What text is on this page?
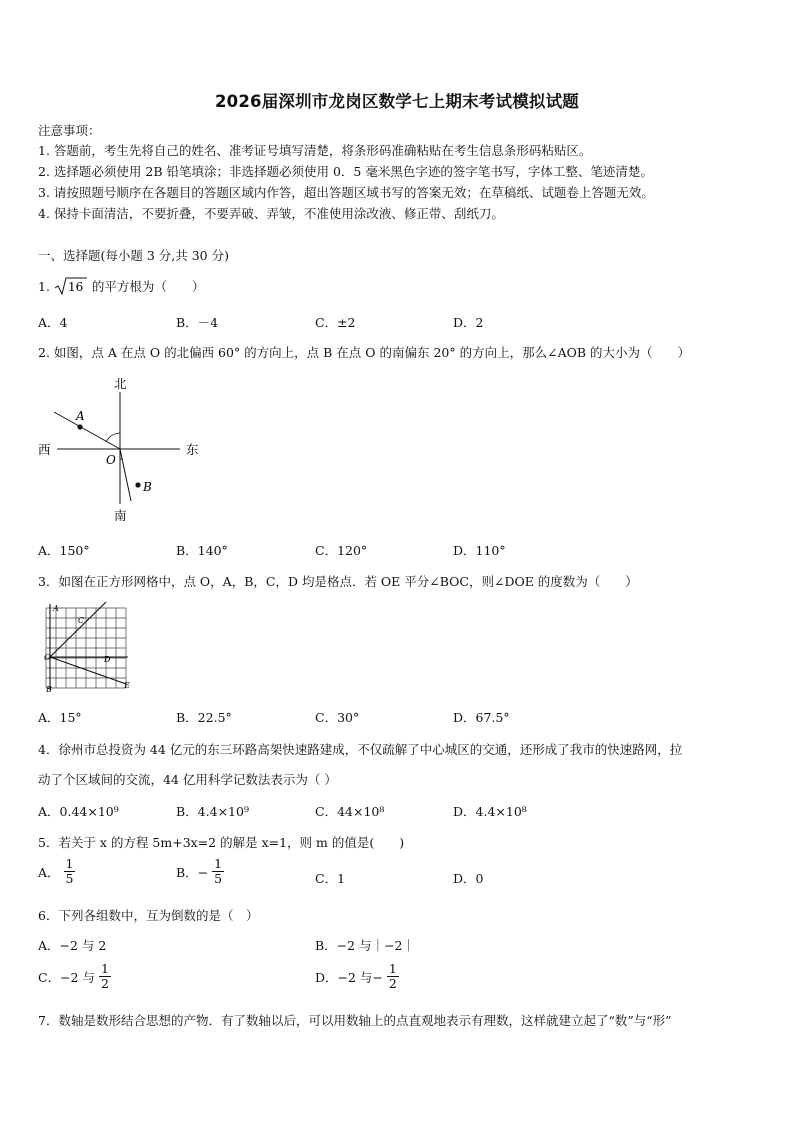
2026届深圳市龙岗区数学七上期末考试模拟试题
注意事项：
1. 答题前，考生先将自己的姓名、准考证号填写清楚，将条形码准确粘贴在考生信息条形码粘贴区。
2. 选择题必须使用 2B 铅笔填涂；非选择题必须使用 0．5 毫米黑色字迹的签字笔书写，字体工整、笔迹清楚。
3. 请按照题号顺序在各题目的答题区域内作答，超出答题区域书写的答案无效；在草稿纸、试题卷上答题无效。
4. 保持卡面清洁，不要折叠，不要弄破、弄皱，不准使用涂改液、修正带、刮纸刀。
一、选择题(每小题 3 分,共 30 分)
1. 16 的平方根为（　　）
A．4	B．－4	C．±2	D．2
2. 如图，点 A 在点 O 的北偏西 60° 的方向上，点 B 在点 O 的南偏东 20° 的方向上，那么∠AOB 的大小为（　　）
北
南
西	东
A
B
O
A．150°	B．140°	C．120°	D．110°
3．如图在正方形网格中，点 O，A，B，C，D 均是格点．若 OE 平分∠BOC，则∠DOE 的度数为（　　）
A
C
D
O
B	E
A．15°	B．22.5°	C．30°	D．67.5°
4．徐州市总投资为 44 亿元的东三环路高架快速路建成，不仅疏解了中心城区的交通，还形成了我市的快速路网，拉
动了个区域间的交流，44 亿用科学记数法表示为（ ）
A．0.44×10⁹	B．4.4×10⁹	C．44×10⁸	D．4.4×10⁸
5．若关于 x 的方程 5m+3x=2 的解是 x=1，则 m 的值是(　　)
A． $\frac{1}{5}$	B．− $\frac{1}{5}$	C．1	D．0
6．下列各组数中，互为倒数的是（　）
A．−2 与 2	B．−2 与｜−2｜
C．−2 与 $\frac{1}{2}$	D．−2 与− $\frac{1}{2}$
7．数轴是数形结合思想的产物．有了数轴以后，可以用数轴上的点直观地表示有理数，这样就建立起了“数”与“形”
